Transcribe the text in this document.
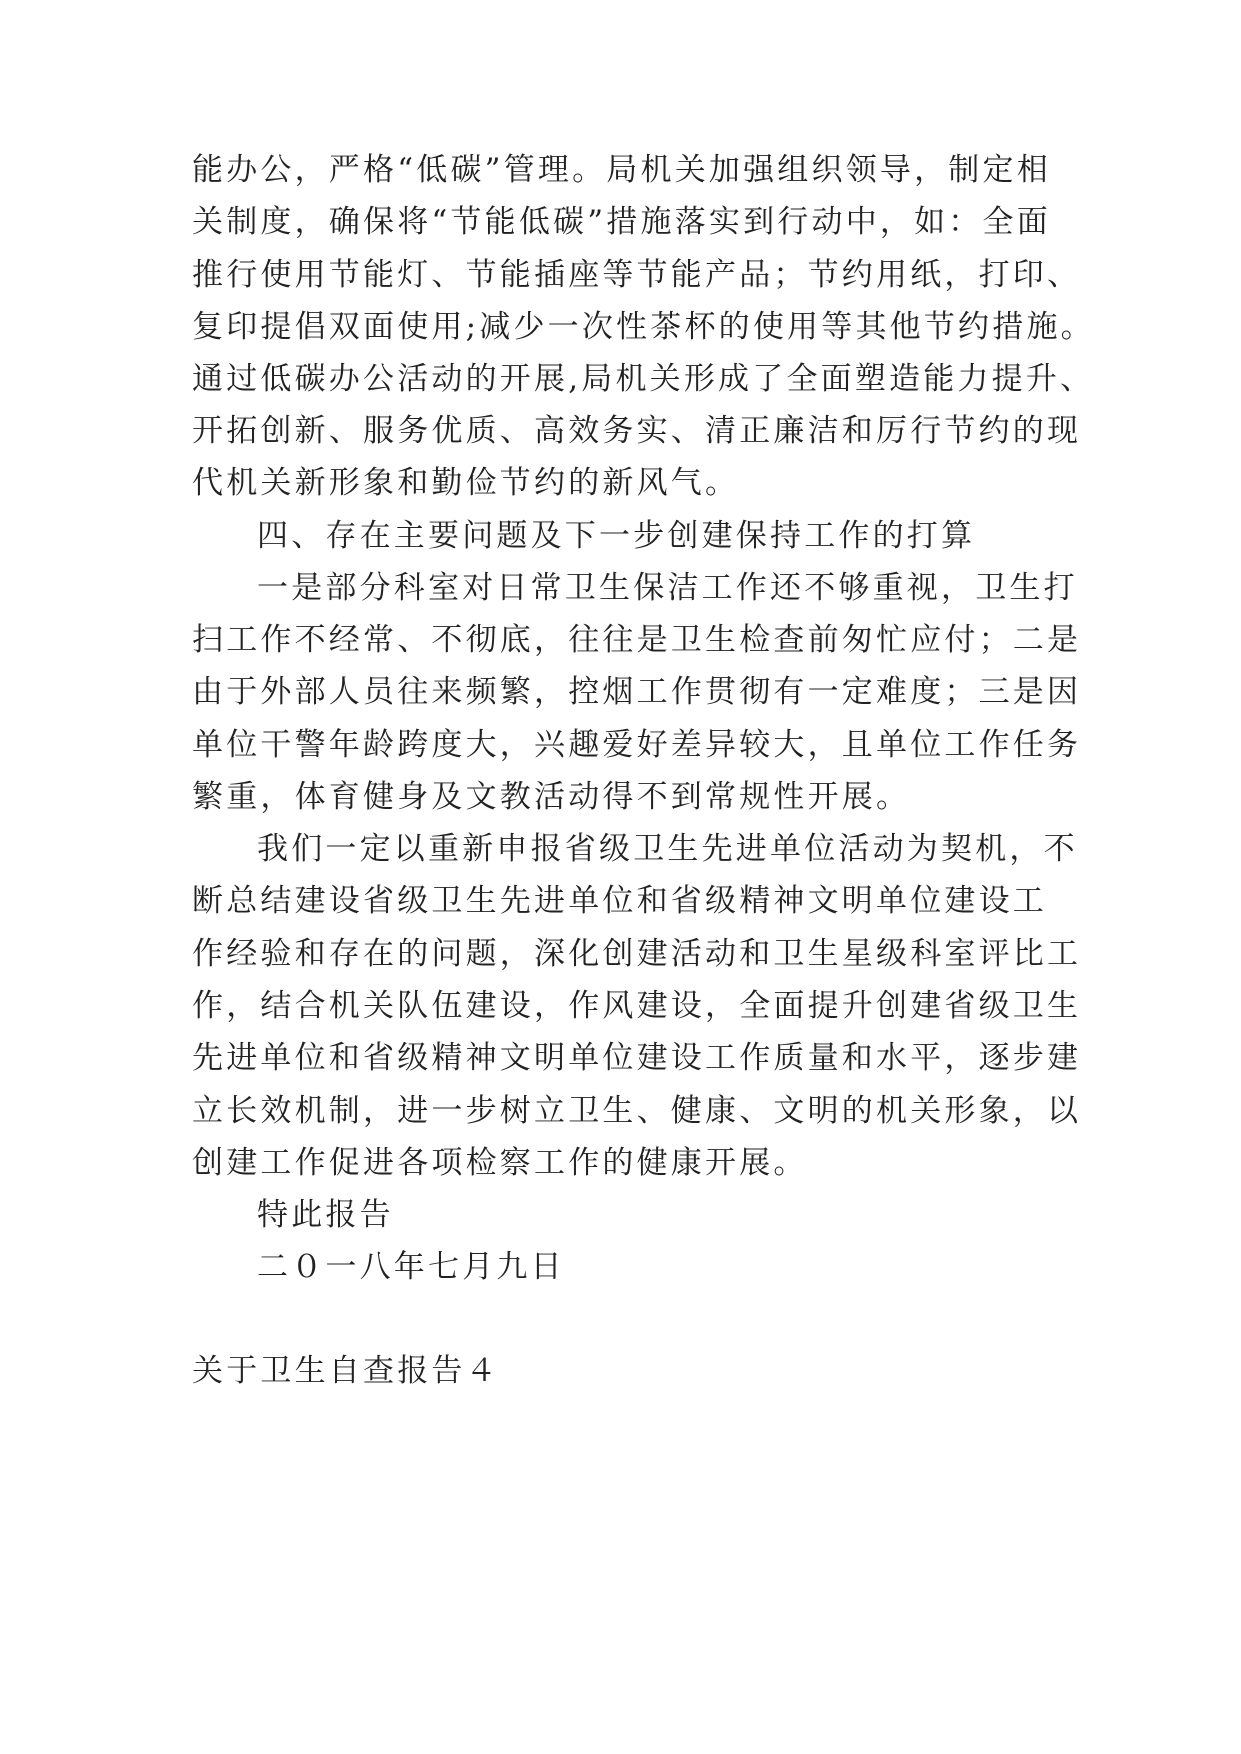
能办公，严格“低碳”管理。局机关加强组织领导，制定相
关制度，确保将“节能低碳”措施落实到行动中，如：全面
推行使用节能灯、节能插座等节能产品；节约用纸，打印、
复印提倡双面使用;减少一次性茶杯的使用等其他节约措施。
通过低碳办公活动的开展,局机关形成了全面塑造能力提升、
开拓创新、服务优质、高效务实、清正廉洁和厉行节约的现
代机关新形象和勤俭节约的新风气。
四、存在主要问题及下一步创建保持工作的打算
一是部分科室对日常卫生保洁工作还不够重视，卫生打
扫工作不经常、不彻底，往往是卫生检查前匆忙应付；二是
由于外部人员往来频繁，控烟工作贯彻有一定难度；三是因
单位干警年龄跨度大，兴趣爱好差异较大，且单位工作任务
繁重，体育健身及文教活动得不到常规性开展。
我们一定以重新申报省级卫生先进单位活动为契机，不
断总结建设省级卫生先进单位和省级精神文明单位建设工
作经验和存在的问题，深化创建活动和卫生星级科室评比工
作，结合机关队伍建设，作风建设，全面提升创建省级卫生
先进单位和省级精神文明单位建设工作质量和水平，逐步建
立长效机制，进一步树立卫生、健康、文明的机关形象，以
创建工作促进各项检察工作的健康开展。
特此报告
二０一八年七月九日
关于卫生自查报告４
